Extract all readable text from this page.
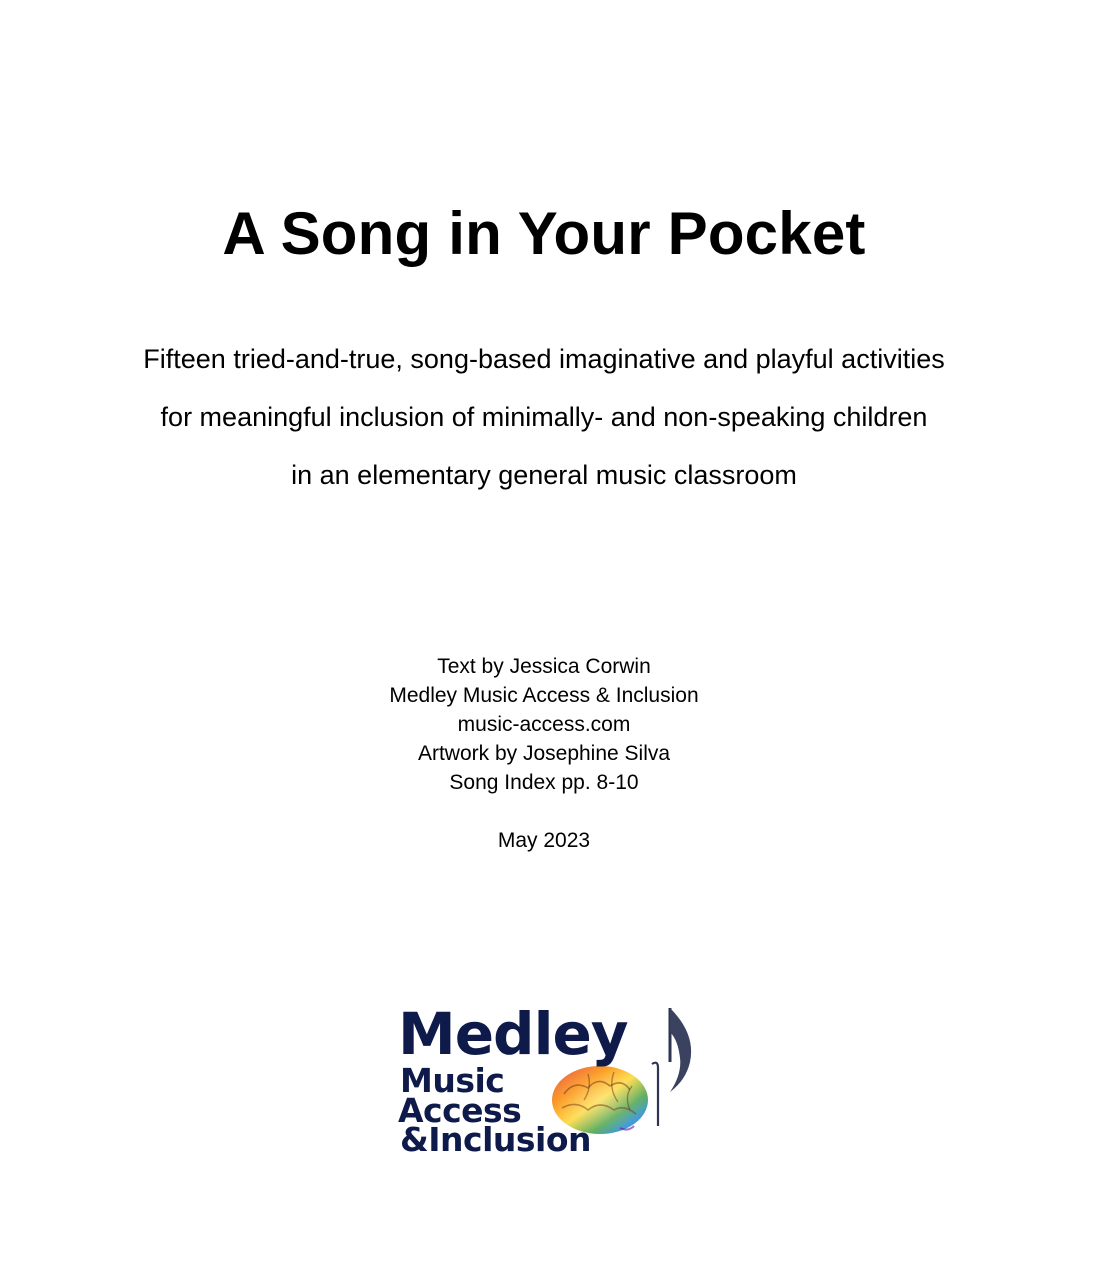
A Song in Your Pocket

Fifteen tried-and-true, song-based imaginative and playful activities
for meaningful inclusion of minimally- and non-speaking children
in an elementary general music classroom

Text by Jessica Corwin
Medley Music Access & Inclusion
music-access.com
Artwork by Josephine Silva
Song Index pp. 8-10
May 2023
Medley
Music
Access
&Inclusion
